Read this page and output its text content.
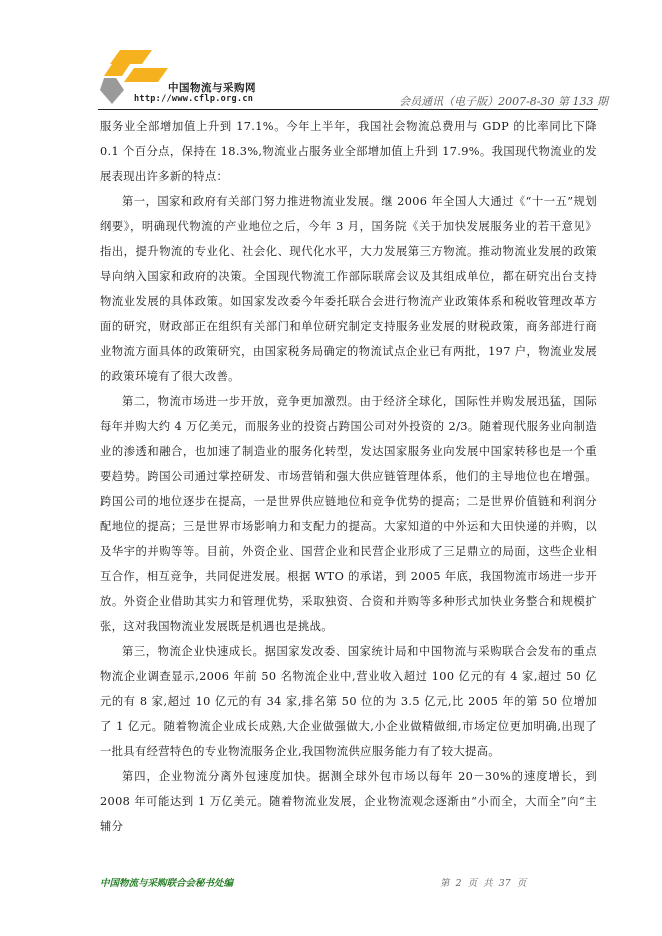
中国物流与采购网
http://www.cflp.org.cn	会员通讯（电子版）2007-8-30 第 133 期

服务业全部增加值上升到 17.1%。今年上半年，我国社会物流总费用与 GDP 的比率同比下降 0.1 个百分点，保持在 18.3%,物流业占服务业全部增加值上升到 17.9%。我国现代物流业的发展表现出许多新的特点：

第一，国家和政府有关部门努力推进物流业发展。继 2006 年全国人大通过《“十一五”规划纲要》，明确现代物流的产业地位之后，今年 3 月，国务院《关于加快发展服务业的若干意见》指出，提升物流的专业化、社会化、现代化水平，大力发展第三方物流。推动物流业发展的政策导向纳入国家和政府的决策。全国现代物流工作部际联席会议及其组成单位，都在研究出台支持物流业发展的具体政策。如国家发改委今年委托联合会进行物流产业政策体系和税收管理改革方面的研究，财政部正在组织有关部门和单位研究制定支持服务业发展的财税政策，商务部进行商业物流方面具体的政策研究，由国家税务局确定的物流试点企业已有两批，197 户，物流业发展的政策环境有了很大改善。

第二，物流市场进一步开放，竞争更加激烈。由于经济全球化，国际性并购发展迅猛，国际每年并购大约 4 万亿美元，而服务业的投资占跨国公司对外投资的 2/3。随着现代服务业向制造业的渗透和融合，也加速了制造业的服务化转型，发达国家服务业向发展中国家转移也是一个重要趋势。跨国公司通过掌控研发、市场营销和强大供应链管理体系，他们的主导地位也在增强。跨国公司的地位逐步在提高，一是世界供应链地位和竞争优势的提高；二是世界价值链和利润分配地位的提高；三是世界市场影响力和支配力的提高。大家知道的中外运和大田快递的并购，以及华宇的并购等等。目前，外资企业、国营企业和民营企业形成了三足鼎立的局面，这些企业相互合作，相互竞争，共同促进发展。根据 WTO 的承诺，到 2005 年底，我国物流市场进一步开放。外资企业借助其实力和管理优势，采取独资、合资和并购等多种形式加快业务整合和规模扩张，这对我国物流业发展既是机遇也是挑战。

第三，物流企业快速成长。据国家发改委、国家统计局和中国物流与采购联合会发布的重点物流企业调查显示,2006 年前 50 名物流企业中,营业收入超过 100 亿元的有 4 家,超过 50 亿元的有 8 家,超过 10 亿元的有 34 家,排名第 50 位的为 3.5 亿元,比 2005 年的第 50 位增加了 1 亿元。随着物流企业成长成熟,大企业做强做大,小企业做精做细,市场定位更加明确,出现了一批具有经营特色的专业物流服务企业,我国物流供应服务能力有了较大提高。

第四，企业物流分离外包速度加快。据测全球外包市场以每年 20－30%的速度增长，到 2008 年可能达到 1 万亿美元。随着物流业发展，企业物流观念逐渐由“小而全，大而全”向“主辅分

中国物流与采购联合会秘书处编	第 2 页 共 37 页
